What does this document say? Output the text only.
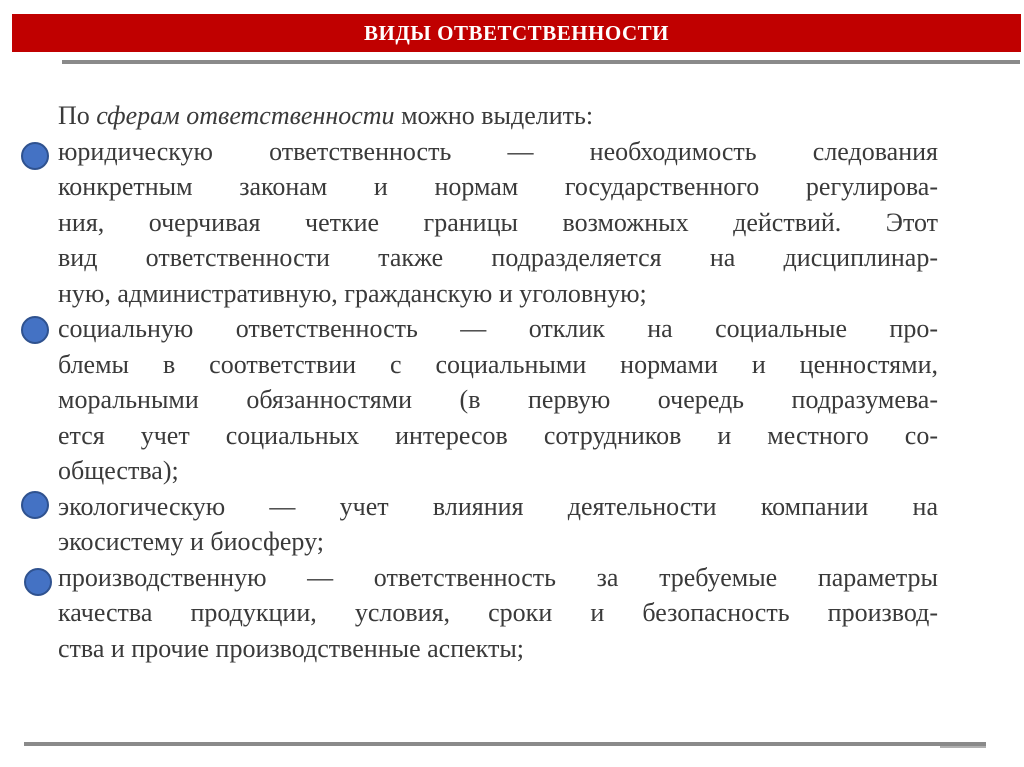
ВИДЫ ОТВЕТСТВЕННОСТИ

По сферам ответственности можно выделить:

юридическую ответственность — необходимость следования
конкретным законам и нормам государственного регулирова-
ния, очерчивая четкие границы возможных действий. Этот
вид ответственности также подразделяется на дисциплинар-
ную, административную, гражданскую и уголовную;
социальную ответственность — отклик на социальные про-
блемы в соответствии с социальными нормами и ценностями,
моральными обязанностями (в первую очередь подразумева-
ется учет социальных интересов сотрудников и местного со-
общества);
экологическую — учет влияния деятельности компании на
экосистему и биосферу;
производственную — ответственность за требуемые параметры
качества продукции, условия, сроки и безопасность производ-
ства и прочие производственные аспекты;
